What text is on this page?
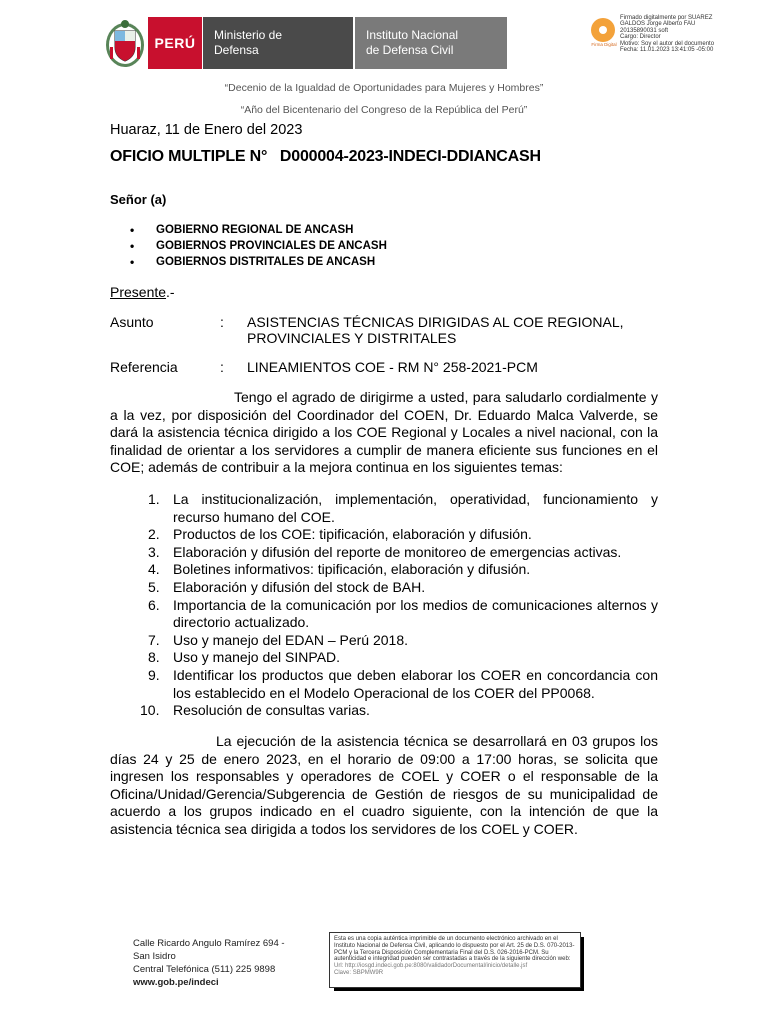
PERÚ	Ministerio de
Defensa
Instituto Nacional
de Defensa Civil	Firma Digital
Firmado digitalmente por SUAREZ
GALDOS Jorge Alberto FAU
20135890031 soft
Cargo: Director
Motivo: Soy el autor del documento
Fecha: 11.01.2023 13:41:05 -05:00
“Decenio de la Igualdad de Oportunidades para Mujeres y Hombres”
“Año del Bicentenario del Congreso de la República del Perú”
Huaraz, 11 de Enero del 2023
OFICIO MULTIPLE N°   D000004-2023-INDECI-DDIANCASH
Señor (a)
• GOBIERNO REGIONAL DE ANCASH
• GOBIERNOS PROVINCIALES DE ANCASH
• GOBIERNOS DISTRITALES DE ANCASH
Presente.-
Asunto	: ASISTENCIAS TÉCNICAS DIRIGIDAS AL COE REGIONAL,
PROVINCIALES Y DISTRITALES
Referencia	: LINEAMIENTOS COE - RM N° 258-2021-PCM
Tengo el agrado de dirigirme a usted, para saludarlo cordialmente y a la vez, por disposición del Coordinador del COEN, Dr. Eduardo Malca Valverde, se dará la asistencia técnica dirigido a los COE Regional y Locales a nivel nacional, con la finalidad de orientar a los servidores a cumplir de manera eficiente sus funciones en el COE; además de contribuir a la mejora continua en los siguientes temas:
1. La institucionalización, implementación, operatividad, funcionamiento y recurso humano del COE.
2. Productos de los COE: tipificación, elaboración y difusión.
3. Elaboración y difusión del reporte de monitoreo de emergencias activas.
4. Boletines informativos: tipificación, elaboración y difusión.
5. Elaboración y difusión del stock de BAH.
6. Importancia de la comunicación por los medios de comunicaciones alternos y directorio actualizado.
7. Uso y manejo del EDAN – Perú 2018.
8. Uso y manejo del SINPAD.
9. Identificar los productos que deben elaborar los COER en concordancia con los establecido en el Modelo Operacional de los COER del PP0068.
10. Resolución de consultas varias.
La ejecución de la asistencia técnica se desarrollará en 03 grupos los días 24 y 25 de enero 2023, en el horario de 09:00 a 17:00 horas, se solicita que ingresen los responsables y operadores de COEL y COER o el responsable de la Oficina/Unidad/Gerencia/Subgerencia de Gestión de riesgos de su municipalidad de acuerdo a los grupos indicado en el cuadro siguiente, con la intención de que la asistencia técnica sea dirigida a todos los servidores de los COEL y COER.
Calle Ricardo Angulo Ramírez 694 -
San Isidro
Central Telefónica (511) 225 9898
www.gob.pe/indeci
Esta es una copia auténtica imprimible de un documento electrónico archivado en el Instituto Nacional de Defensa Civil, aplicando lo dispuesto por el Art. 25 de D.S. 070-2013-PCM y la Tercera Disposición Complementaria Final del D.S. 026-2016-PCM. Su autenticidad e integridad pueden ser contrastadas a través de la siguiente dirección web:
Url: http://iosgd.indeci.gob.pe:8080/validadorDocumental/inicio/detalle.jsf
Clave: SBPMW9R
